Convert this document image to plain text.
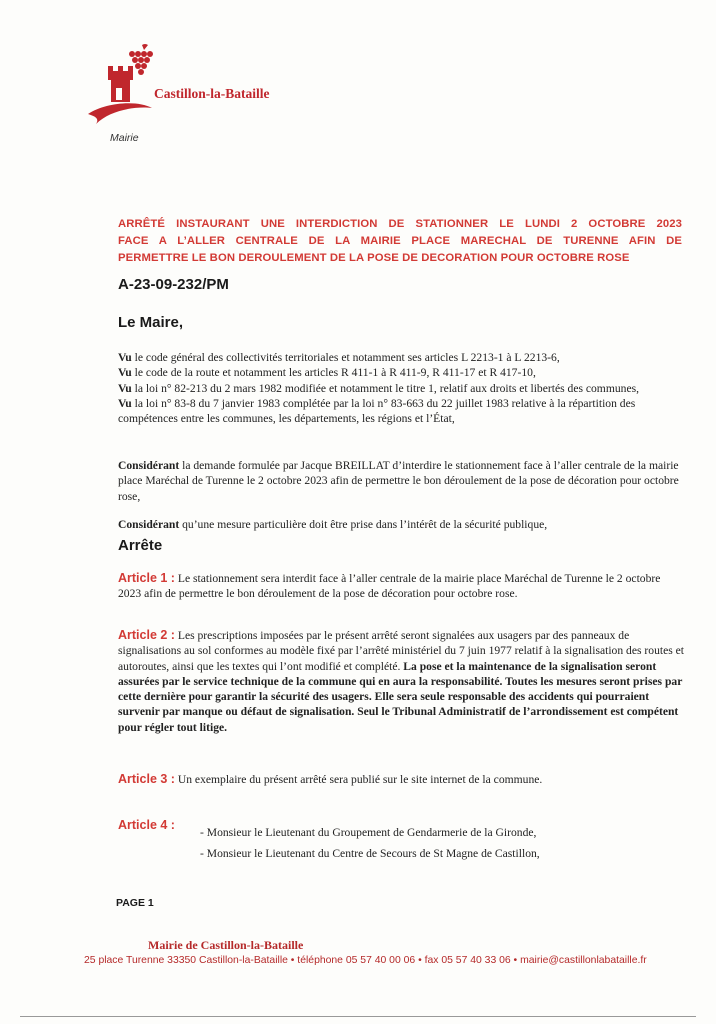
Castillon-la-Bataille
Mairie
ARRÊTÉ INSTAURANT UNE INTERDICTION DE STATIONNER LE LUNDI 2 OCTOBRE 2023
FACE A L’ALLER CENTRALE DE LA MAIRIE PLACE MARECHAL DE TURENNE AFIN DE
PERMETTRE LE BON DEROULEMENT DE LA POSE DE DECORATION POUR OCTOBRE ROSE
A-23-09-232/PM
Le Maire,

Vu le code général des collectivités territoriales et notamment ses articles L 2213-1 à L 2213-6,

Vu le code de la route et notamment les articles R 411-1 à R 411-9, R 411-17 et R 417-10,

Vu la loi n° 82-213 du 2 mars 1982 modifiée et notamment le titre 1, relatif aux droits et libertés des communes,

Vu la loi n° 83-8 du 7 janvier 1983 complétée par la loi n° 83-663 du 22 juillet 1983 relative à la répartition des compétences entre les communes, les départements, les régions et l’État,

Considérant la demande formulée par Jacque BREILLAT d’interdire le stationnement face à l’aller centrale de la mairie place Maréchal de Turenne le 2 octobre 2023 afin de permettre le bon déroulement de la pose de décoration pour octobre rose,

Considérant qu’une mesure particulière doit être prise dans l’intérêt de la sécurité publique,

Arrête

Article 1 : Le stationnement sera interdit face à l’aller centrale de la mairie place Maréchal de Turenne le 2 octobre 2023 afin de permettre le bon déroulement de la pose de décoration pour octobre rose.

Article 2 : Les prescriptions imposées par le présent arrêté seront signalées aux usagers par des panneaux de signalisations au sol conformes au modèle fixé par l’arrêté ministériel du 7 juin 1977 relatif à la signalisation des routes et autoroutes, ainsi que les textes qui l’ont modifié et complété. La pose et la maintenance de la signalisation seront assurées par le service technique de la commune qui en aura la responsabilité. Toutes les mesures seront prises par cette dernière pour garantir la sécurité des usagers. Elle sera seule responsable des accidents qui pourraient survenir par manque ou défaut de signalisation. Seul le Tribunal Administratif de l’arrondissement est compétent pour régler tout litige.

Article 3 : Un exemplaire du présent arrêté sera publié sur le site internet de la commune.

Article 4 :
- Monsieur le Lieutenant du Groupement de Gendarmerie de la Gironde,
- Monsieur le Lieutenant du Centre de Secours de St Magne de Castillon,
PAGE 1
Mairie de Castillon-la-Bataille
25 place Turenne 33350 Castillon-la-Bataille • téléphone 05 57 40 00 06 • fax 05 57 40 33 06 • mairie@castillonlabataille.fr
